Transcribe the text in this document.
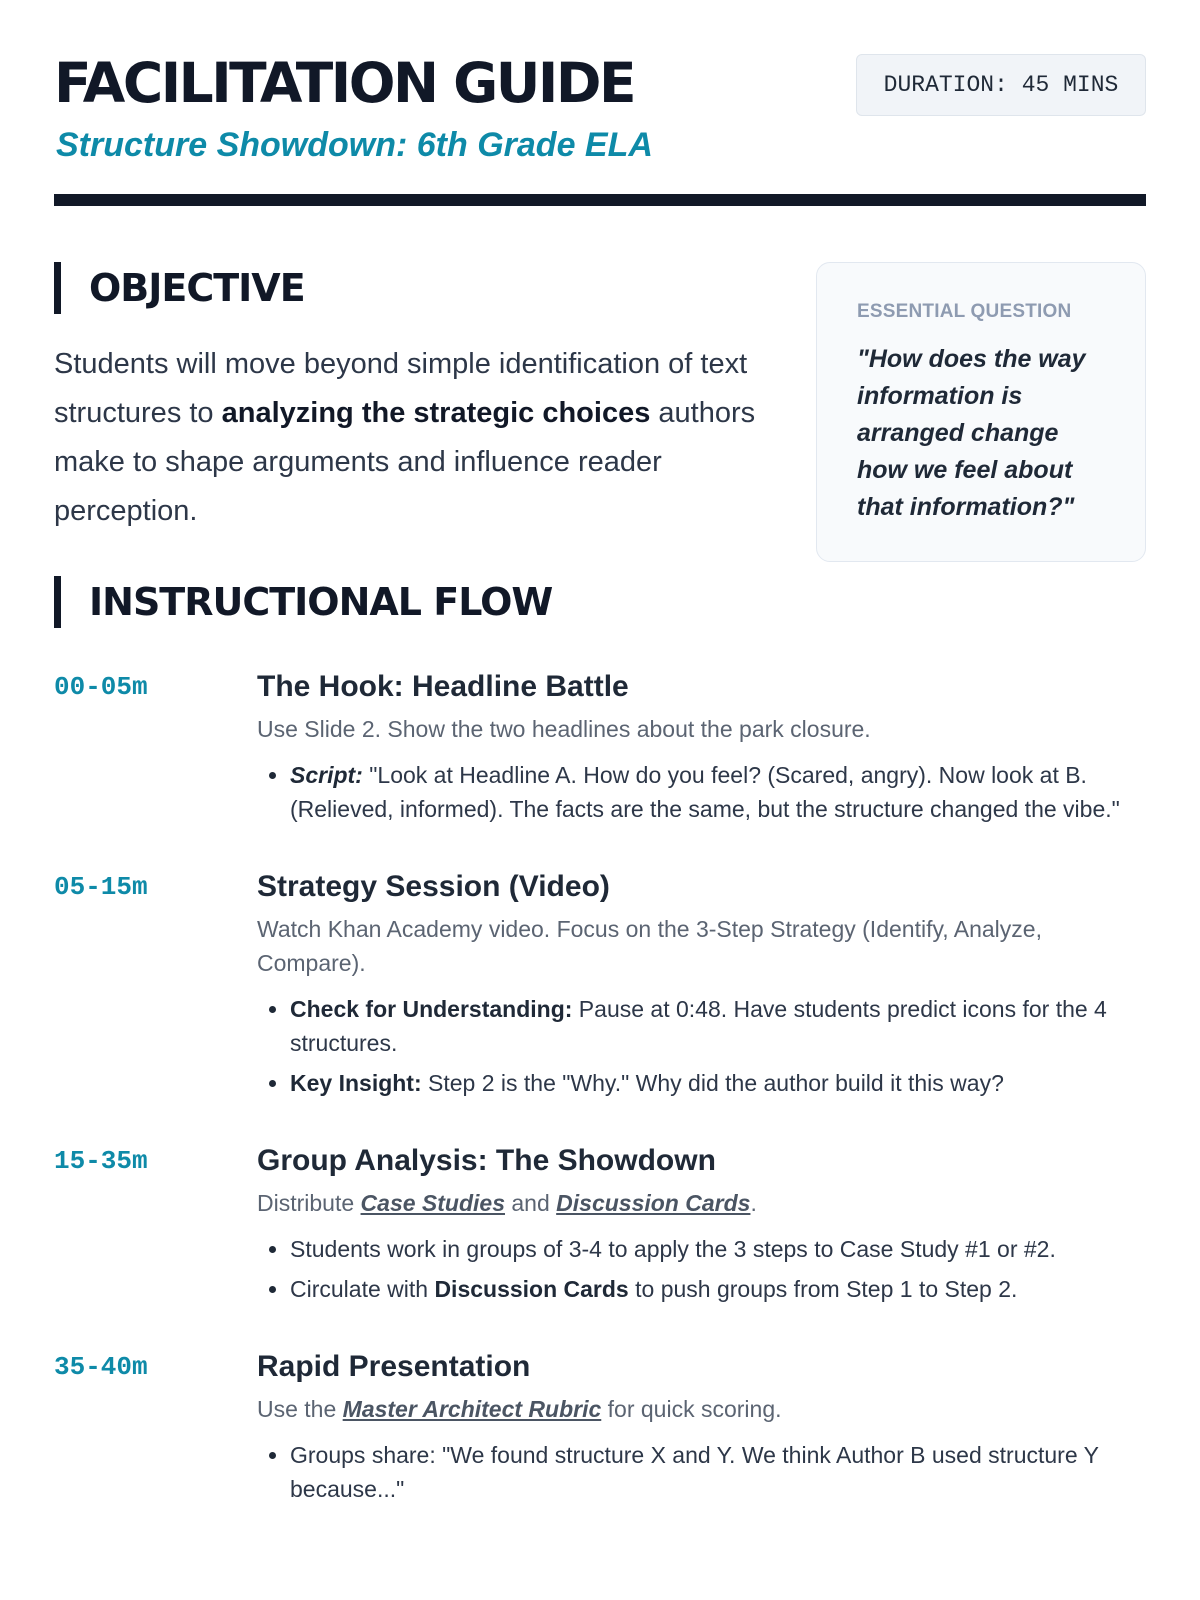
FACILITATION GUIDE
Structure Showdown: 6th Grade ELA
DURATION: 45 MINS
OBJECTIVE

Students will move beyond simple identification of text structures to analyzing the strategic choices authors make to shape arguments and influence reader perception.

ESSENTIAL QUESTION

"How does the way information is arranged change how we feel about that information?"

INSTRUCTIONAL FLOW
00-05m	The Hook: Headline Battle

Use Slide 2. Show the two headlines about the park closure.

• Script: "Look at Headline A. How do you feel? (Scared, angry). Now look at B. (Relieved, informed). The facts are the same, but the structure changed the vibe."
05-15m	Strategy Session (Video)

Watch Khan Academy video. Focus on the 3-Step Strategy (Identify, Analyze, Compare).

• Check for Understanding: Pause at 0:48. Have students predict icons for the 4 structures.
• Key Insight: Step 2 is the "Why." Why did the author build it this way?
15-35m	Group Analysis: The Showdown

Distribute Case Studies and Discussion Cards.

• Students work in groups of 3-4 to apply the 3 steps to Case Study #1 or #2.
• Circulate with Discussion Cards to push groups from Step 1 to Step 2.
35-40m	Rapid Presentation

Use the Master Architect Rubric for quick scoring.

• Groups share: "We found structure X and Y. We think Author B used structure Y because..."
